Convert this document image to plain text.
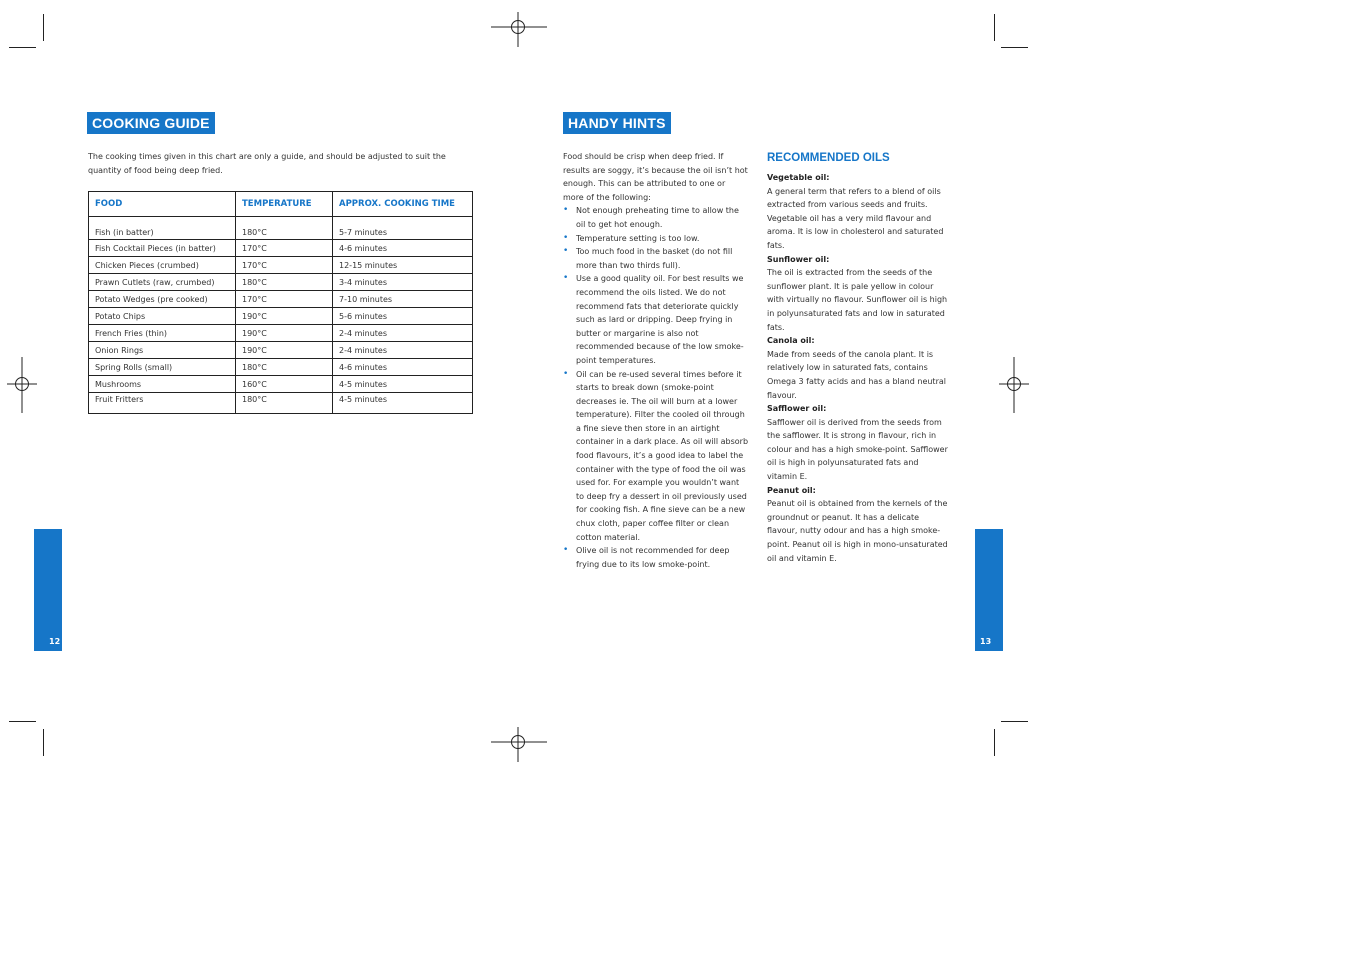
COOKING GUIDE
The cooking times given in this chart are only a guide, and should be adjusted to suit the
quantity of food being deep fried.
FOOD	TEMPERATURE	APPROX. COOKING TIME
Fish (in batter)	180°C	5-7 minutes
Fish Cocktail Pieces (in batter)	170°C	4-6 minutes
Chicken Pieces (crumbed)	170°C	12-15 minutes
Prawn Cutlets (raw, crumbed)	180°C	3-4 minutes
Potato Wedges (pre cooked)	170°C	7-10 minutes
Potato Chips	190°C	5-6 minutes
French Fries (thin)	190°C	2-4 minutes
Onion Rings	190°C	2-4 minutes
Spring Rolls (small)	180°C	4-6 minutes
Mushrooms	160°C	4-5 minutes
Fruit Fritters	180°C	4-5 minutes
12
HANDY HINTS

Food should be crisp when deep fried. If results are soggy, it’s because the oil isn’t hot enough. This can be attributed to one or more of the following:

• Not enough preheating time to allow the oil to get hot enough.
• Temperature setting is too low.
• Too much food in the basket (do not fill more than two thirds full).
• Use a good quality oil. For best results we recommend the oils listed. We do not recommend fats that deteriorate quickly such as lard or dripping. Deep frying in butter or margarine is also not recommended because of the low smoke-point temperatures.
• Oil can be re-used several times before it starts to break down (smoke-point decreases ie. The oil will burn at a lower temperature). Filter the cooled oil through a fine sieve then store in an airtight container in a dark place. As oil will absorb food flavours, it’s a good idea to label the container with the type of food the oil was used for. For example you wouldn’t want to deep fry a dessert in oil previously used for cooking fish. A fine sieve can be a new chux cloth, paper coffee filter or clean cotton material.
• Olive oil is not recommended for deep frying due to its low smoke-point.
RECOMMENDED OILS
Vegetable oil:
A general term that refers to a blend of oils extracted from various seeds and fruits. Vegetable oil has a very mild flavour and aroma. It is low in cholesterol and saturated fats.
Sunflower oil:
The oil is extracted from the seeds of the sunflower plant. It is pale yellow in colour with virtually no flavour. Sunflower oil is high in polyunsaturated fats and low in saturated fats.
Canola oil:
Made from seeds of the canola plant. It is relatively low in saturated fats, contains Omega 3 fatty acids and has a bland neutral flavour.
Safflower oil:
Safflower oil is derived from the seeds from the safflower. It is strong in flavour, rich in colour and has a high smoke-point. Safflower oil is high in polyunsaturated fats and vitamin E.
Peanut oil:
Peanut oil is obtained from the kernels of the groundnut or peanut. It has a delicate flavour, nutty odour and has a high smoke-point. Peanut oil is high in mono-unsaturated oil and vitamin E.
13
